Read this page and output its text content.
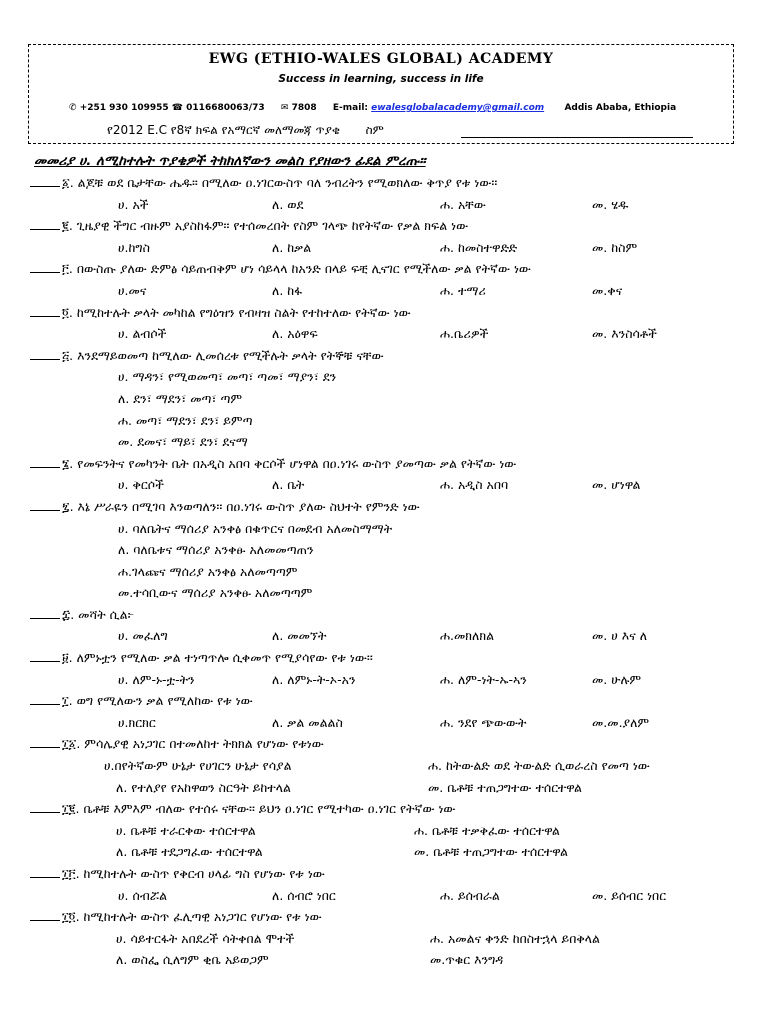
EWG (ETHIO-WALES GLOBAL) ACADEMY
Success in learning, success in life
✆ +251 930 109955 ☎ 0116680063/73 ✉ 7808 E-mail: ewalesglobalacademy@gmail.com Addis Ababa, Ethiopia
የ2012 E.C የ8ኛ ክፍል የአማርኛ መለማመጃ ጥያቄ ስም
መመሪያ ሀ. ለሚከተሉት ጥያቄዎች ትክክለኛውን መልስ የያዘውን ፊደል ምረጡ፡፡
፩. ልጆቹ ወደ ቤታቸው ሔዱ፡፡ በሚለው ዐ.ነገርውስጥ ባለ ንብረትን የሚወክለው ቅጥያ የቱ ነው፡፡
ሀ. አች	ለ. ወደ	ሐ. አቸው	መ. ሄዱ
፪. ጊዜያዊ ችግር ብዙም አያስከፋም፡፡ የተሰመረበት የስም ገላጭ ከየትኛው የቃል ክፍል ነው
ሀ.ከግስ	ለ. ከቃል	ሐ. ከመስተዋድድ	መ. ከስም
፫. በውስጡ ያለው ድምፅ ሳይጠብቅም ሆነ ሳይላላ ከአንድ በላይ ፍቺ ሊናገር የሚችለው ቃል የትኛው ነው
ሀ.መና	ለ. ከፋ	ሐ. ተማሪ	መ.ቀና
፬. ከሚከተሉት ቃላት መካከል የግዕዝን የብዛዝ ስልት የተከተለው የትኛው ነው
ሀ. ልብሶች	ለ. አዕዋፍ	ሐ.ቤሪዎች	መ. እንስሳቶች
፭. እንደማይወመጣ ከሚለው ሊመሰረቱ የሚችሉት ቃላት የትኞቹ ናቸው
ሀ. ማዳን፣ የሚወመጣ፣ መጣ፣ ጣመ፣ ማያን፣ ደን
ለ. ደን፣ ማደን፣ መጣ፣ ጣም
ሐ. መጣ፣ ማደን፣ ደን፣ ይምጣ
መ. ደመና፣ ማይ፣ ደን፣ ደናማ
፮. የመፍንትና የመካንት ቤት በአዲስ አበባ ቅርሶች ሆነዋል በዐ.ነገሩ ውስጥ ያመጣው ቃል የትኛው ነው
ሀ. ቅርሶች	ለ. ቤት	ሐ. አዲስ አበባ	መ. ሆነዋል
፯. እኔ ሥራዬን በሚገባ እንወጣለን፡፡ በዐ.ነገሩ ውስጥ ያለው ስህተት የምንድ ነው
ሀ. ባለቤትና ማሰሪያ አንቀፅ በቁጥርና በመደብ አለመስማማት
ለ. ባለቤቱና ማሰሪያ አንቀፁ አለመመጣጠን
ሐ.ገላጩና ማሰሪያ አንቀፅ አለመጣጣም
መ.ተሳቢውና ማሰሪያ አንቀፁ አለመጣጣም
፰. መሻት ሲል፦
ሀ. መፈለግ	ለ. መመኘት	ሐ.መክለክል	መ. ሀ እና ለ
፱. ለምኑቷን የሚለው ቃል ተነጣጥሎ ሲቀመጥ የሚያሳየው የቱ ነው፡፡
ሀ. ለም-ኑ-ቷ-ትን	ለ. ለምኑ-ት-ኦ-አን	ሐ. ለም-ነት-ኡ-ኣን	መ. ሁሉም
፲. ወግ የሚለውን ቃል የሚለከው የቱ ነው
ሀ.ክርክር	ለ. ቃል መልልስ	ሐ. ንደየ ጭውውት	መ.መ.ያለም
፲፩. ምሳሌያዊ አነጋገር በተመለከተ ትክክል የሆነው የቱነው
ሀ.በየትኛውም ሁኔታ የሀገርን ሁኔታ የሳያል	ሐ. ከትውልድ ወደ ትውልድ ሲወራረስ የመጣ ነው
ለ. የተለያየ የአከዋወን ስርዓት ይከተላል	መ. ቤቶቹ ተጠጋግተው ተሰርተዋል
፲፪. ቤቶቹ እምእም ብለው የተሰሩ ናቸው፡፡ ይህን ዐ.ነገር የሚተካው ዐ.ነገር የትኛው ነው
ሀ. ቤቶቹ ተራርቀው ተሰርተዋል	ሐ. ቤቶቹ ተቃቅፈው ተሰርተዋል
ለ. ቤቶቹ ተደጋግፈው ተሰርተዋል	መ. ቤቶቹ ተጠጋግተው ተሰርተዋል
፲፫. ከሚከተሉት ውስጥ የቅርብ ሀላፊ ግስ የሆነው የቱ ነው
ሀ. ሰብሯል	ለ. ሰብሮ ነበር	ሐ. ይሰብራል	መ. ይሰብር ነበር
፲፬. ከሚከተሉት ውስጥ ፈሊጣዊ አነጋገር የሆነው የቱ ነው
ሀ. ሳይተርፋት አበደረች ሳትቀበል ሞተች	ሐ. አመልና ቀንድ ከበስተኋላ ይበቅላል
ለ. ወስፌ ሲለግም ቂቤ አይወጋም	መ.ጥቁር እንግዳ
